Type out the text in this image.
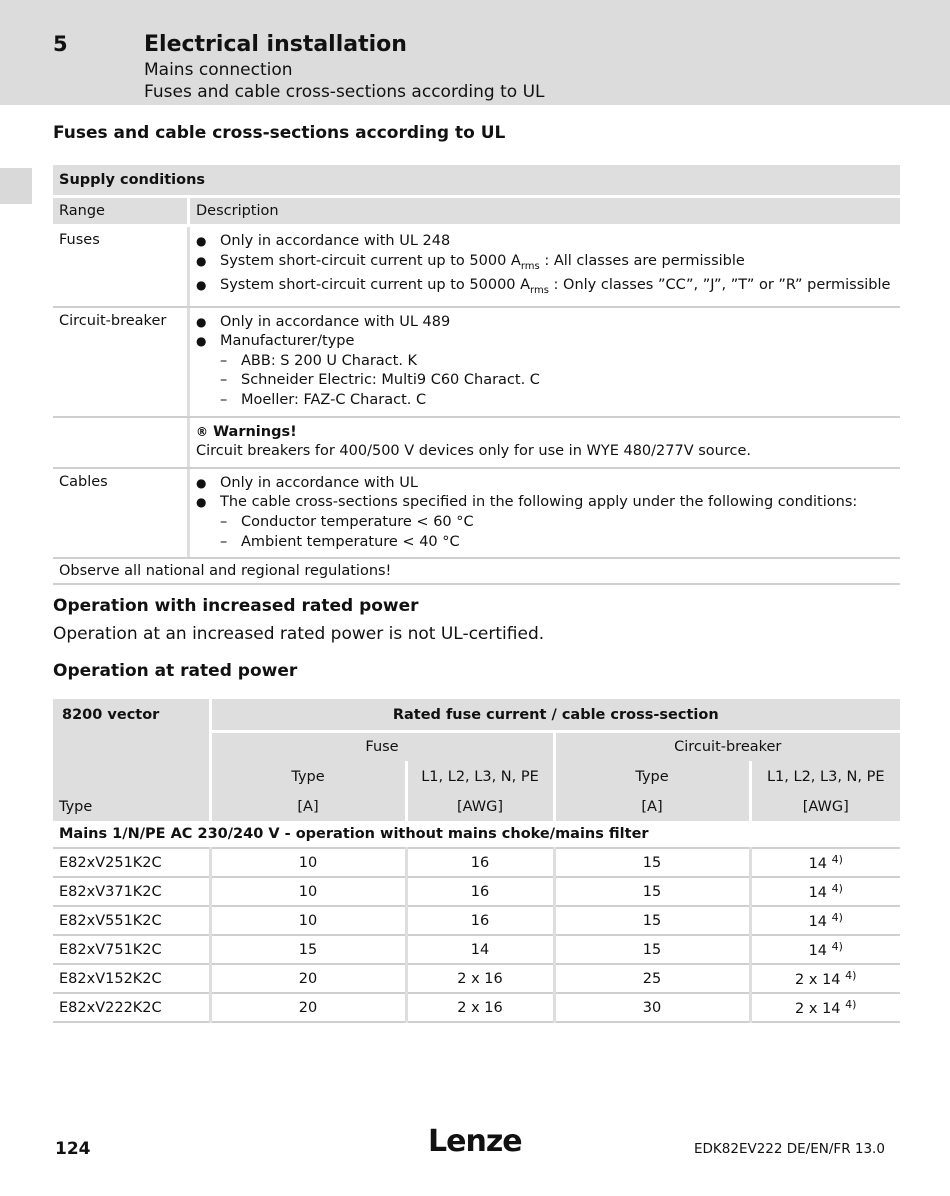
5	Electrical installation
Mains connection
Fuses and cable cross-sections according to UL
Fuses and cable cross-sections according to UL
Supply conditions
Range	Description
Fuses	● Only in accordance with UL 248
● System short-circuit current up to 5000 $A_{rms}$ : All classes are permissible
● System short-circuit current up to 50000 $A_{rms}$ : Only classes ”CC”, ”J”, ”T” or ”R” permissible
Circuit-breaker	● Only in accordance with UL 489
● Manufacturer/type
– ABB: S 200 U Charact. K
– Schneider Electric: Multi9 C60 Charact. C
– Moeller: FAZ-C Charact. C
® Warnings!
Circuit breakers for 400/500 V devices only for use in WYE 480/277V source.
Cables	● Only in accordance with UL
● The cable cross-sections specified in the following apply under the following conditions:
– Conductor temperature < 60 °C
– Ambient temperature < 40 °C
Observe all national and regional regulations!
Operation with increased rated power
Operation at an increased rated power is not UL-certified.
Operation at rated power
8200 vector	Rated fuse current / cable cross-section			
	Fuse		Circuit-breaker	
	Type	L1, L2, L3, N, PE	Type	L1, L2, L3, N, PE
Type	[A]	[AWG]	[A]	[AWG]
Mains 1/N/PE AC 230/240 V - operation without mains choke/mains filter				
E82xV251K2C	10	16	15	14 $^{4)}$
E82xV371K2C	10	16	15	14 $^{4)}$
E82xV551K2C	10	16	15	14 $^{4)}$
E82xV751K2C	15	14	15	14 $^{4)}$
E82xV152K2C	20	2 x 16	25	2 x 14 $^{4)}$
E82xV222K2C	20	2 x 16	30	2 x 14 $^{4)}$
124	Lenze	EDK82EV222 DE/EN/FR 13.0
